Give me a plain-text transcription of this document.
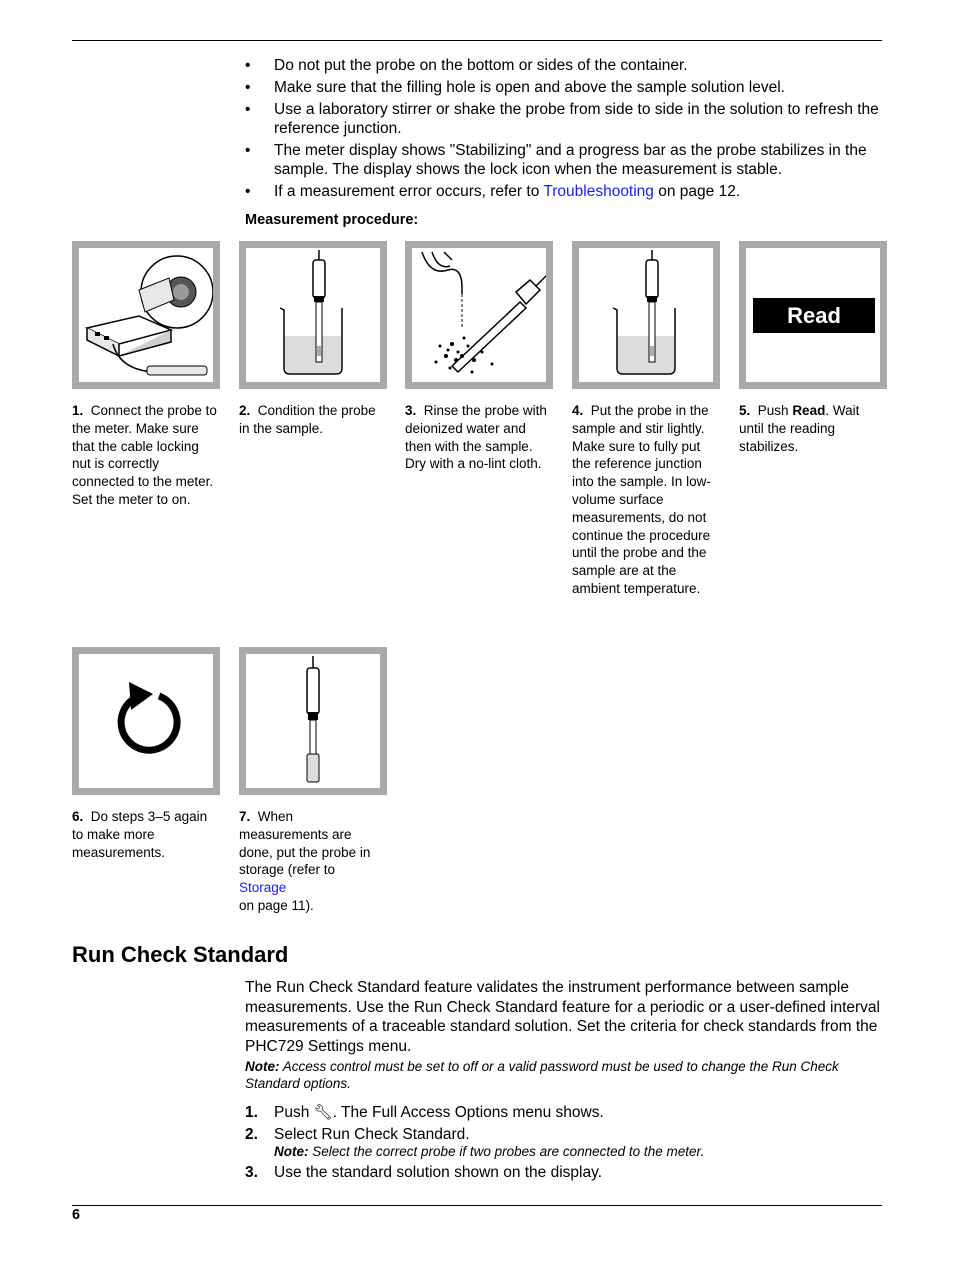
• Do not put the probe on the bottom or sides of the container.
• Make sure that the filling hole is open and above the sample solution level.
• Use a laboratory stirrer or shake the probe from side to side in the solution to refresh the reference junction.
• The meter display shows "Stabilizing" and a progress bar as the probe stabilizes in the sample. The display shows the lock icon when the measurement is stable.
• If a measurement error occurs, refer to Troubleshooting on page 12.
Measurement procedure:
1. Connect the probe to the meter. Make sure that the cable locking nut is correctly connected to the meter. Set the meter to on.
2. Condition the probe in the sample.
3. Rinse the probe with deionized water and then with the sample. Dry with a no-lint cloth.
4. Put the probe in the sample and stir lightly. Make sure to fully put the reference junction into the sample. In low-volume surface measurements, do not continue the procedure until the probe and the sample are at the ambient temperature.
Read
5. Push Read. Wait until the reading stabilizes.
6. Do steps 3–5 again to make more measurements.
7. When measurements are done, put the probe in storage (refer to Storage
on page 11).
Run Check Standard

The Run Check Standard feature validates the instrument performance between sample measurements. Use the Run Check Standard feature for a periodic or a user-defined interval measurements of a traceable standard solution. Set the criteria for check standards from the PHC729 Settings menu.

Note: Access control must be set to off or a valid password must be used to change the Run Check Standard options.

1. Push 🔧︎. The Full Access Options menu shows.
2. Select Run Check Standard.
Note: Select the correct probe if two probes are connected to the meter.
3. Use the standard solution shown on the display.
6
